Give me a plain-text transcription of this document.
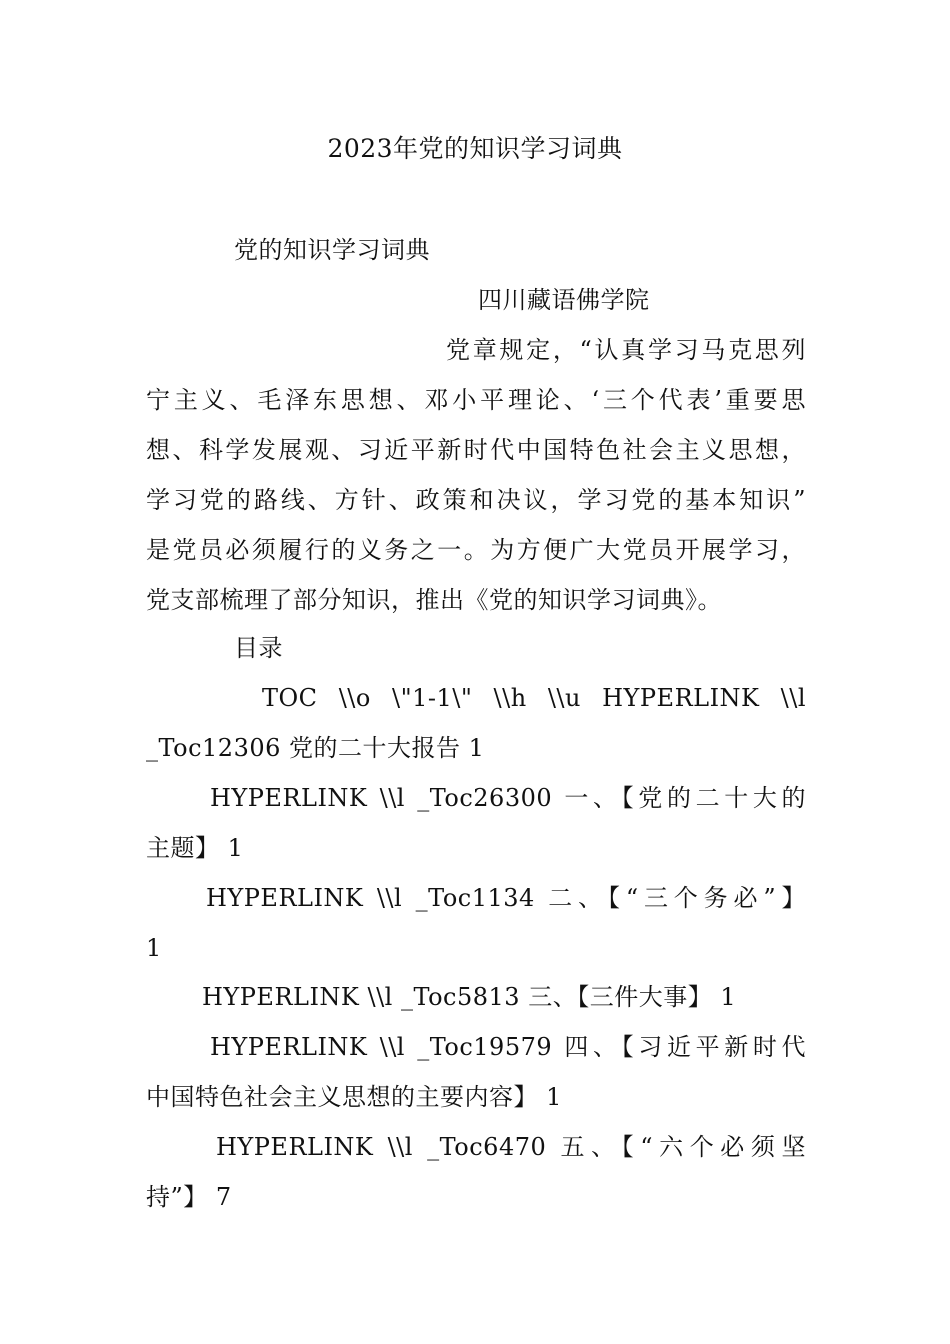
2023年党的知识学习词典
党的知识学习词典
四川藏语佛学院
党章规定，“认真学习马克思列
宁主义、毛泽东思想、邓小平理论、‘三个代表’重要思
想、科学发展观、习近平新时代中国特色社会主义思想，
学习党的路线、方针、政策和决议，学习党的基本知识”
是党员必须履行的义务之一。为方便广大党员开展学习，
党支部梳理了部分知识，推出《党的知识学习词典》。
目录
TOC \\o \"1-1\" \\h \\u HYPERLINK \\l
_Toc12306 党的二十大报告 1
HYPERLINK \\l _Toc26300 一、【党的二十大的
主题】 1
HYPERLINK \\l _Toc1134 二、【“三个务必”】
1
HYPERLINK \\l _Toc5813 三、【三件大事】 1
HYPERLINK \\l _Toc19579 四、【习近平新时代
中国特色社会主义思想的主要内容】 1
HYPERLINK \\l _Toc6470 五、【“六个必须坚
持”】 7
